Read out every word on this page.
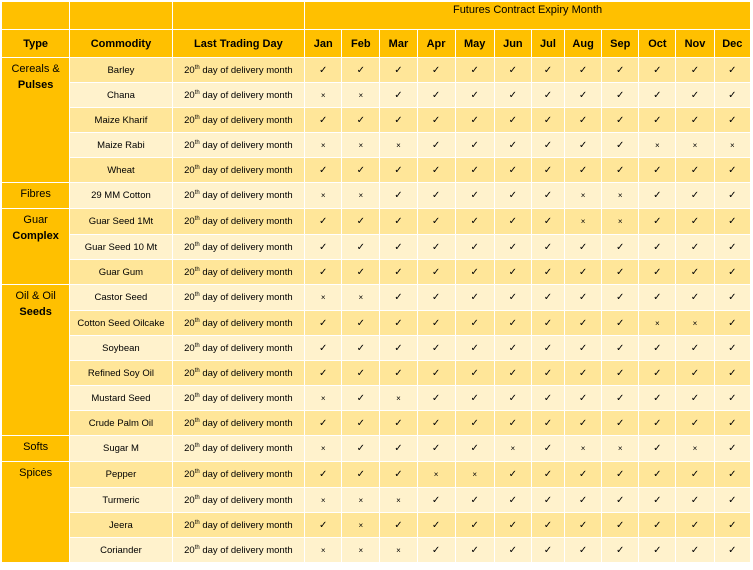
			Futures Contract Expiry Month											
Type	Commodity	Last Trading Day	Jan	Feb	Mar	Apr	May	Jun	Jul	Aug	Sep	Oct	Nov	Dec

Cereals &
Pulses	Barley	20th day of delivery month	✓	✓	✓	✓	✓	✓	✓	✓	✓	✓	✓	✓
	Chana	20th day of delivery month	×	×	✓	✓	✓	✓	✓	✓	✓	✓	✓	✓
	Maize Kharif	20th day of delivery month	✓	✓	✓	✓	✓	✓	✓	✓	✓	✓	✓	✓
	Maize Rabi	20th day of delivery month	×	×	×	✓	✓	✓	✓	✓	✓	×	×	×
	Wheat	20th day of delivery month	✓	✓	✓	✓	✓	✓	✓	✓	✓	✓	✓	✓

Fibres	29 MM Cotton	20th day of delivery month	×	×	✓	✓	✓	✓	✓	×	×	✓	✓	✓

Guar
Complex	Guar Seed 1Mt	20th day of delivery month	✓	✓	✓	✓	✓	✓	✓	×	×	✓	✓	✓
	Guar Seed 10 Mt	20th day of delivery month	✓	✓	✓	✓	✓	✓	✓	✓	✓	✓	✓	✓
	Guar Gum	20th day of delivery month	✓	✓	✓	✓	✓	✓	✓	✓	✓	✓	✓	✓

Oil & Oil
Seeds	Castor Seed	20th day of delivery month	×	×	✓	✓	✓	✓	✓	✓	✓	✓	✓	✓
	Cotton Seed Oilcake	20th day of delivery month	✓	✓	✓	✓	✓	✓	✓	✓	✓	×	×	✓
	Soybean	20th day of delivery month	✓	✓	✓	✓	✓	✓	✓	✓	✓	✓	✓	✓
	Refined Soy Oil	20th day of delivery month	✓	✓	✓	✓	✓	✓	✓	✓	✓	✓	✓	✓
	Mustard Seed	20th day of delivery month	×	✓	×	✓	✓	✓	✓	✓	✓	✓	✓	✓
	Crude Palm Oil	20th day of delivery month	✓	✓	✓	✓	✓	✓	✓	✓	✓	✓	✓	✓

Softs	Sugar M	20th day of delivery month	×	✓	✓	✓	✓	×	✓	×	×	✓	×	✓

Spices	Pepper	20th day of delivery month	✓	✓	✓	×	×	✓	✓	✓	✓	✓	✓	✓
	Turmeric	20th day of delivery month	×	×	×	✓	✓	✓	✓	✓	✓	✓	✓	✓
	Jeera	20th day of delivery month	✓	×	✓	✓	✓	✓	✓	✓	✓	✓	✓	✓
	Coriander	20th day of delivery month	×	×	×	✓	✓	✓	✓	✓	✓	✓	✓	✓
